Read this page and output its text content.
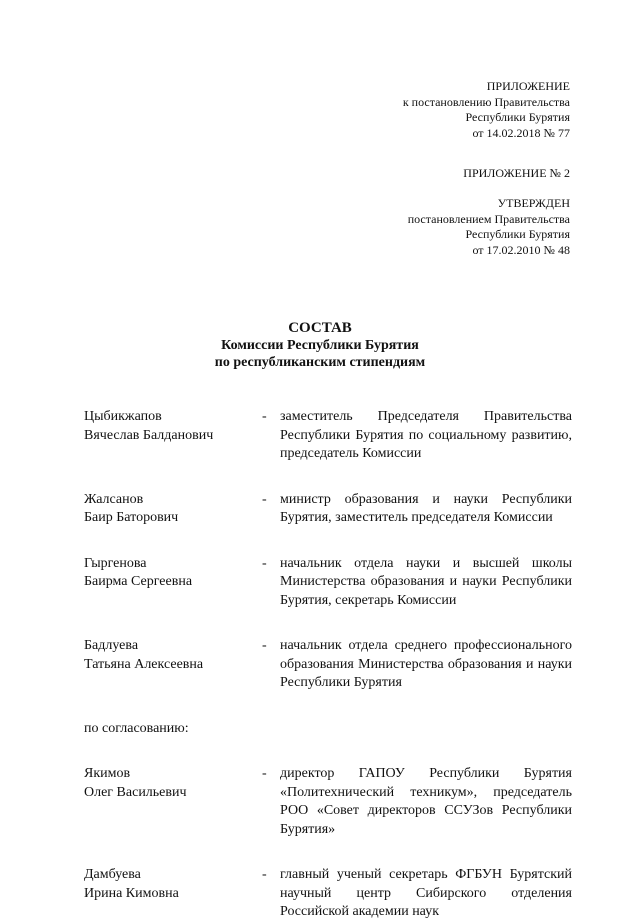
ПРИЛОЖЕНИЕ
к постановлению Правительства
Республики Бурятия
от 14.02.2018 № 77
ПРИЛОЖЕНИЕ № 2
УТВЕРЖДЕН
постановлением Правительства
Республики Бурятия
от 17.02.2010 № 48
СОСТАВ
Комиссии Республики Бурятия
по республиканским стипендиям
Цыбикжапов
Вячеслав Балданович
- заместитель Председателя Правительства Республики Бурятия по социальному развитию, председатель Комиссии
Жалсанов
Баир Баторович
- министр образования и науки Республики Бурятия, заместитель председателя Комиссии
Гыргенова
Баирма Сергеевна
- начальник отдела науки и высшей школы Министерства образования и науки Республики Бурятия, секретарь Комиссии
Бадлуева
Татьяна Алексеевна
- начальник отдела среднего профессионального образования Министерства образования и науки Республики Бурятия
по согласованию:
Якимов
Олег Васильевич
- директор ГАПОУ Республики Бурятия «Политехнический техникум», председатель РОО «Совет директоров ССУЗов Республики Бурятия»
Дамбуева
Ирина Кимовна
- главный ученый секретарь ФГБУН Бурятский научный центр Сибирского отделения Российской академии наук
